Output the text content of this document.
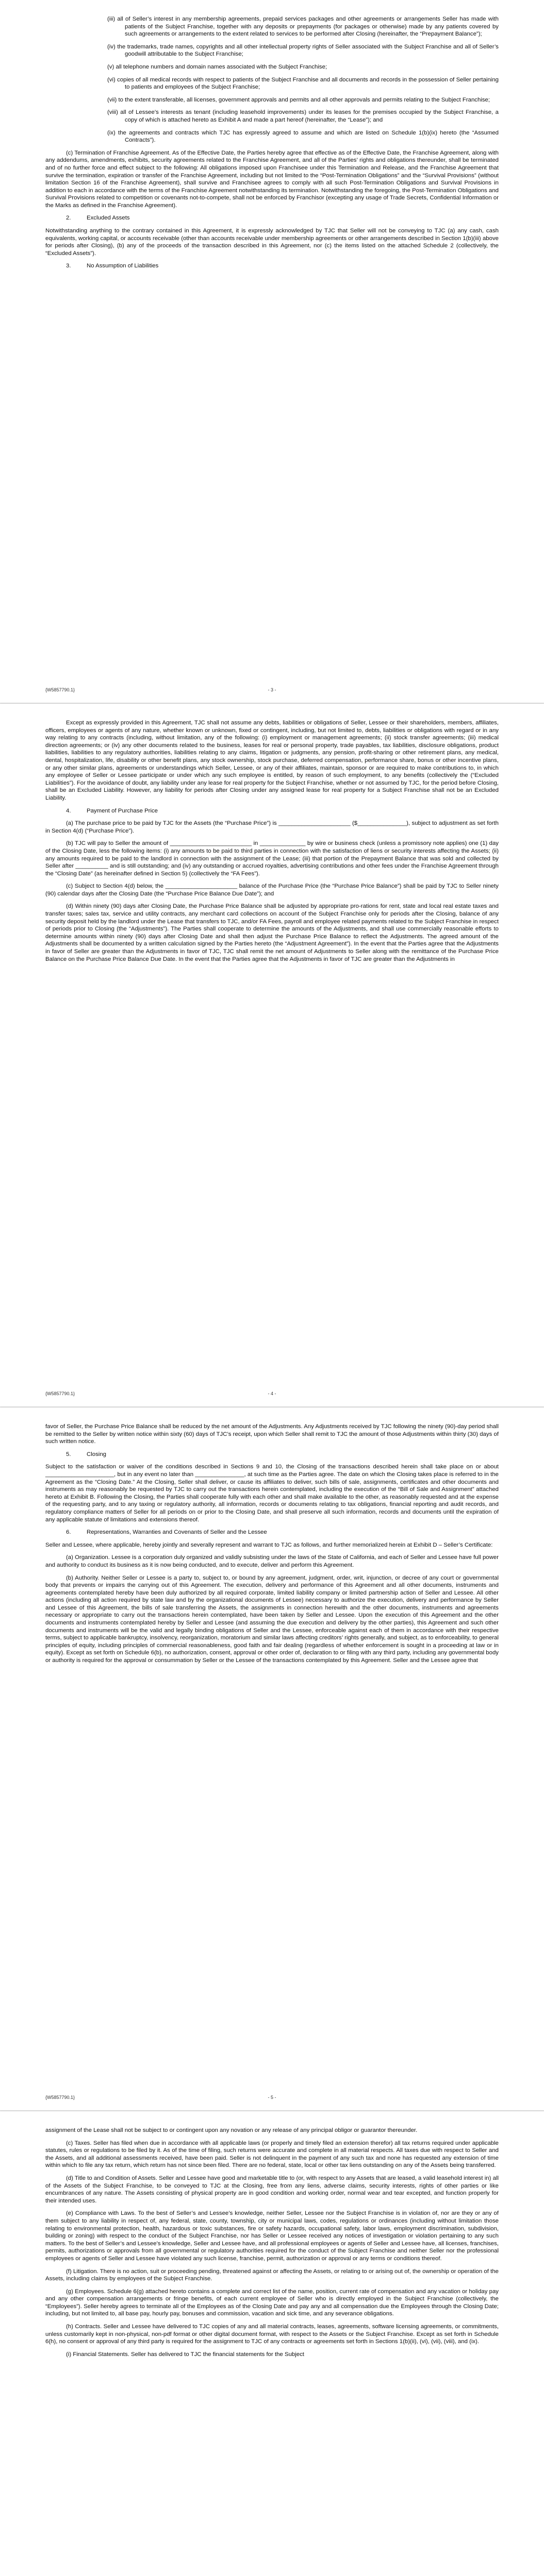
(iii) all of Seller’s interest in any membership agreements, prepaid services packages and other agreements or arrangements Seller has made with patients of the Subject Franchise, together with any deposits or prepayments (for packages or otherwise) made by any patients covered by such agreements or arrangements to the extent related to services to be performed after Closing (hereinafter, the “Prepayment Balance”);

(iv) the trademarks, trade names, copyrights and all other intellectual property rights of Seller associated with the Subject Franchise and all of Seller’s goodwill attributable to the Subject Franchise;

(v) all telephone numbers and domain names associated with the Subject Franchise;

(vi) copies of all medical records with respect to patients of the Subject Franchise and all documents and records in the possession of Seller pertaining to patients and employees of the Subject Franchise;

(vii) to the extent transferable, all licenses, government approvals and permits and all other approvals and permits relating to the Subject Franchise;

(viii) all of Lessee’s interests as tenant (including leasehold improvements) under its leases for the premises occupied by the Subject Franchise, a copy of which is attached hereto as Exhibit A and made a part hereof (hereinafter, the “Lease”); and

(ix) the agreements and contracts which TJC has expressly agreed to assume and which are listed on Schedule 1(b)(ix) hereto (the “Assumed Contracts”).

(c) Termination of Franchise Agreement. As of the Effective Date, the Parties hereby agree that effective as of the Effective Date, the Franchise Agreement, along with any addendums, amendments, exhibits, security agreements related to the Franchise Agreement, and all of the Parties’ rights and obligations thereunder, shall be terminated and of no further force and effect subject to the following: All obligations imposed upon Franchisee under this Termination and Release, and the Franchise Agreement that survive the termination, expiration or transfer of the Franchise Agreement, including but not limited to the “Post-Termination Obligations” and the “Survival Provisions” (without limitation Section 16 of the Franchise Agreement), shall survive and Franchisee agrees to comply with all such Post-Termination Obligations and Survival Provisions in addition to each in accordance with the terms of the Franchise Agreement notwithstanding its termination. Notwithstanding the foregoing, the Post-Termination Obligations and Survival Provisions related to competition or covenants not-to-compete, shall not be enforced by Franchisor (excepting any usage of Trade Secrets, Confidential Information or the Marks as defined in the Franchise Agreement).

2.	Excluded Assets

Notwithstanding anything to the contrary contained in this Agreement, it is expressly acknowledged by TJC that Seller will not be conveying to TJC (a) any cash, cash equivalents, working capital, or accounts receivable (other than accounts receivable under membership agreements or other arrangements described in Section 1(b)(iii) above for periods after Closing), (b) any of the proceeds of the transaction described in this Agreement, nor (c) the items listed on the attached Schedule 2 (collectively, the “Excluded Assets”).

3.	No Assumption of Liabilities

{W5857790.1}	- 3 -

Except as expressly provided in this Agreement, TJC shall not assume any debts, liabilities or obligations of Seller, Lessee or their shareholders, members, affiliates, officers, employees or agents of any nature, whether known or unknown, fixed or contingent, including, but not limited to, debts, liabilities or obligations with regard or in any way relating to any contracts (including, without limitation, any of the following: (i) employment or management agreements; (ii) stock transfer agreements; (iii) medical direction agreements; or (iv) any other documents related to the business, leases for real or personal property, trade payables, tax liabilities, disclosure obligations, product liabilities, liabilities to any regulatory authorities, liabilities relating to any claims, litigation or judgments, any pension, profit-sharing or other retirement plans, any medical, dental, hospitalization, life, disability or other benefit plans, any stock ownership, stock purchase, deferred compensation, performance share, bonus or other incentive plans, or any other similar plans, agreements or understandings which Seller, Lessee, or any of their affiliates, maintain, sponsor or are required to make contributions to, in which any employee of Seller or Lessee participate or under which any such employee is entitled, by reason of such employment, to any benefits (collectively the (“Excluded Liabilities”). For the avoidance of doubt, any liability under any lease for real property for the Subject Franchise, whether or not assumed by TJC, for the period before Closing, shall be an Excluded Liability. However, any liability for periods after Closing under any assigned lease for real property for a Subject Franchise shall not be an Excluded Liability.

4.	Payment of Purchase Price

(a) The purchase price to be paid by TJC for the Assets (the “Purchase Price”) is ______________________ ($_______________), subject to adjustment as set forth in Section 4(d) (“Purchase Price”).

(b) TJC will pay to Seller the amount of _________________________ in ______________ by wire or business check (unless a promissory note applies) one (1) day of the Closing Date, less the following items: (i) any amounts to be paid to third parties in connection with the satisfaction of liens or security interests affecting the Assets; (ii) any amounts required to be paid to the landlord in connection with the assignment of the Lease; (iii) that portion of the Prepayment Balance that was sold and collected by Seller after __________ and is still outstanding; and (iv) any outstanding or accrued royalties, advertising contributions and other fees under the Franchise Agreement through the “Closing Date” (as hereinafter defined in Section 5) (collectively the “FA Fees”).

(c) Subject to Section 4(d) below, the ______________________ balance of the Purchase Price (the “Purchase Price Balance”) shall be paid by TJC to Seller ninety (90) calendar days after the Closing Date (the “Purchase Price Balance Due Date”); and

(d) Within ninety (90) days after Closing Date, the Purchase Price Balance shall be adjusted by appropriate pro-rations for rent, state and local real estate taxes and transfer taxes; sales tax, service and utility contracts, any merchant card collections on account of the Subject Franchise only for periods after the Closing, balance of any security deposit held by the landlord under the Lease that transfers to TJC, and/or FA Fees, payroll and employee related payments related to the Subject Franchise in respect of periods prior to Closing (the “Adjustments”). The Parties shall cooperate to determine the amounts of the Adjustments, and shall use commercially reasonable efforts to determine amounts within ninety (90) days after Closing Date and shall then adjust the Purchase Price Balance to reflect the Adjustments. The agreed amount of the Adjustments shall be documented by a written calculation signed by the Parties hereto (the “Adjustment Agreement”). In the event that the Parties agree that the Adjustments in favor of Seller are greater than the Adjustments in favor of TJC, TJC shall remit the net amount of Adjustments to Seller along with the remittance of the Purchase Price Balance on the Purchase Price Balance Due Date. In the event that the Parties agree that the Adjustments in favor of TJC are greater than the Adjustments in

{W5857790.1}	- 4 -

favor of Seller, the Purchase Price Balance shall be reduced by the net amount of the Adjustments. Any Adjustments received by TJC following the ninety (90)-day period shall be remitted to the Seller by written notice within sixty (60) days of TJC’s receipt, upon which Seller shall remit to TJC the amount of those Adjustments within thirty (30) days of such written notice.

5.	Closing

Subject to the satisfaction or waiver of the conditions described in Sections 9 and 10, the Closing of the transactions described herein shall take place on or about _____________________, but in any event no later than _______________, at such time as the Parties agree. The date on which the Closing takes place is referred to in the Agreement as the “Closing Date.” At the Closing, Seller shall deliver, or cause its affiliates to deliver, such bills of sale, assignments, certificates and other documents and instruments as may reasonably be requested by TJC to carry out the transactions herein contemplated, including the execution of the “Bill of Sale and Assignment” attached hereto at Exhibit B. Following the Closing, the Parties shall cooperate fully with each other and shall make available to the other, as reasonably requested and at the expense of the requesting party, and to any taxing or regulatory authority, all information, records or documents relating to tax obligations, financial reporting and audit records, and regulatory compliance matters of Seller for all periods on or prior to the Closing Date, and shall preserve all such information, records and documents until the expiration of any applicable statute of limitations and extensions thereof.

6.	Representations, Warranties and Covenants of Seller and the Lessee

Seller and Lessee, where applicable, hereby jointly and severally represent and warrant to TJC as follows, and further memorialized herein at Exhibit D – Seller’s Certificate:

(a) Organization. Lessee is a corporation duly organized and validly subsisting under the laws of the State of California, and each of Seller and Lessee have full power and authority to conduct its business as it is now being conducted, and to execute, deliver and perform this Agreement.

(b) Authority. Neither Seller or Lessee is a party to, subject to, or bound by any agreement, judgment, order, writ, injunction, or decree of any court or governmental body that prevents or impairs the carrying out of this Agreement. The execution, delivery and performance of this Agreement and all other documents, instruments and agreements contemplated hereby have been duly authorized by all required corporate, limited liability company or limited partnership action of Seller and Lessee. All other actions (including all action required by state law and by the organizational documents of Lessee) necessary to authorize the execution, delivery and performance by Seller and Lessee of this Agreement, the bills of sale transferring the Assets, the assignments in connection herewith and the other documents, instruments and agreements necessary or appropriate to carry out the transactions herein contemplated, have been taken by Seller and Lessee. Upon the execution of this Agreement and the other documents and instruments contemplated hereby by Seller and Lessee (and assuming the due execution and delivery by the other parties), this Agreement and such other documents and instruments will be the valid and legally binding obligations of Seller and the Lessee, enforceable against each of them in accordance with their respective terms, subject to applicable bankruptcy, insolvency, reorganization, moratorium and similar laws affecting creditors’ rights generally, and subject, as to enforceability, to general principles of equity, including principles of commercial reasonableness, good faith and fair dealing (regardless of whether enforcement is sought in a proceeding at law or in equity). Except as set forth on Schedule 6(b), no authorization, consent, approval or other order of, declaration to or filing with any third party, including any governmental body or authority is required for the approval or consummation by Seller or the Lessee of the transactions contemplated by this Agreement. Seller and the Lessee agree that

{W5857790.1}	- 5 -

assignment of the Lease shall not be subject to or contingent upon any novation or any release of any principal obligor or guarantor thereunder.

(c) Taxes. Seller has filed when due in accordance with all applicable laws (or properly and timely filed an extension therefor) all tax returns required under applicable statutes, rules or regulations to be filed by it. As of the time of filing, such returns were accurate and complete in all material respects. All taxes due with respect to Seller and the Assets, and all additional assessments received, have been paid. Seller is not delinquent in the payment of any such tax and none has requested any extension of time within which to file any tax return, which return has not since been filed. There are no federal, state, local or other tax liens outstanding on any of the Assets being transferred.

(d) Title to and Condition of Assets. Seller and Lessee have good and marketable title to (or, with respect to any Assets that are leased, a valid leasehold interest in) all of the Assets of the Subject Franchise, to be conveyed to TJC at the Closing, free from any liens, adverse claims, security interests, rights of other parties or like encumbrances of any nature. The Assets consisting of physical property are in good condition and working order, normal wear and tear excepted, and function properly for their intended uses.

(e) Compliance with Laws. To the best of Seller’s and Lessee’s knowledge, neither Seller, Lessee nor the Subject Franchise is in violation of, nor are they or any of them subject to any liability in respect of, any federal, state, county, township, city or municipal laws, codes, regulations or ordinances (including without limitation those relating to environmental protection, health, hazardous or toxic substances, fire or safety hazards, occupational safety, labor laws, employment discrimination, subdivision, building or zoning) with respect to the conduct of the Subject Franchise, nor has Seller or Lessee received any notices of investigation or violation pertaining to any such matters. To the best of Seller’s and Lessee’s knowledge, Seller and Lessee have, and all professional employees or agents of Seller and Lessee have, all licenses, franchises, permits, authorizations or approvals from all governmental or regulatory authorities required for the conduct of the Subject Franchise and neither Seller nor the professional employees or agents of Seller and Lessee have violated any such license, franchise, permit, authorization or approval or any terms or conditions thereof.

(f) Litigation. There is no action, suit or proceeding pending, threatened against or affecting the Assets, or relating to or arising out of, the ownership or operation of the Assets, including claims by employees of the Subject Franchise.

(g) Employees. Schedule 6(g) attached hereto contains a complete and correct list of the name, position, current rate of compensation and any vacation or holiday pay and any other compensation arrangements or fringe benefits, of each current employee of Seller who is directly employed in the Subject Franchise (collectively, the “Employees”). Seller hereby agrees to terminate all of the Employees as of the Closing Date and pay any and all compensation due the Employees through the Closing Date; including, but not limited to, all base pay, hourly pay, bonuses and commission, vacation and sick time, and any severance obligations.

(h) Contracts. Seller and Lessee have delivered to TJC copies of any and all material contracts, leases, agreements, software licensing agreements, or commitments, unless customarily kept in non-physical, non-pdf format or other digital document format, with respect to the Assets or the Subject Franchise. Except as set forth in Schedule 6(h), no consent or approval of any third party is required for the assignment to TJC of any contracts or agreements set forth in Sections 1(b)(ii), (vi), (vii), (viii), and (ix).

(i) Financial Statements. Seller has delivered to TJC the financial statements for the Subject
